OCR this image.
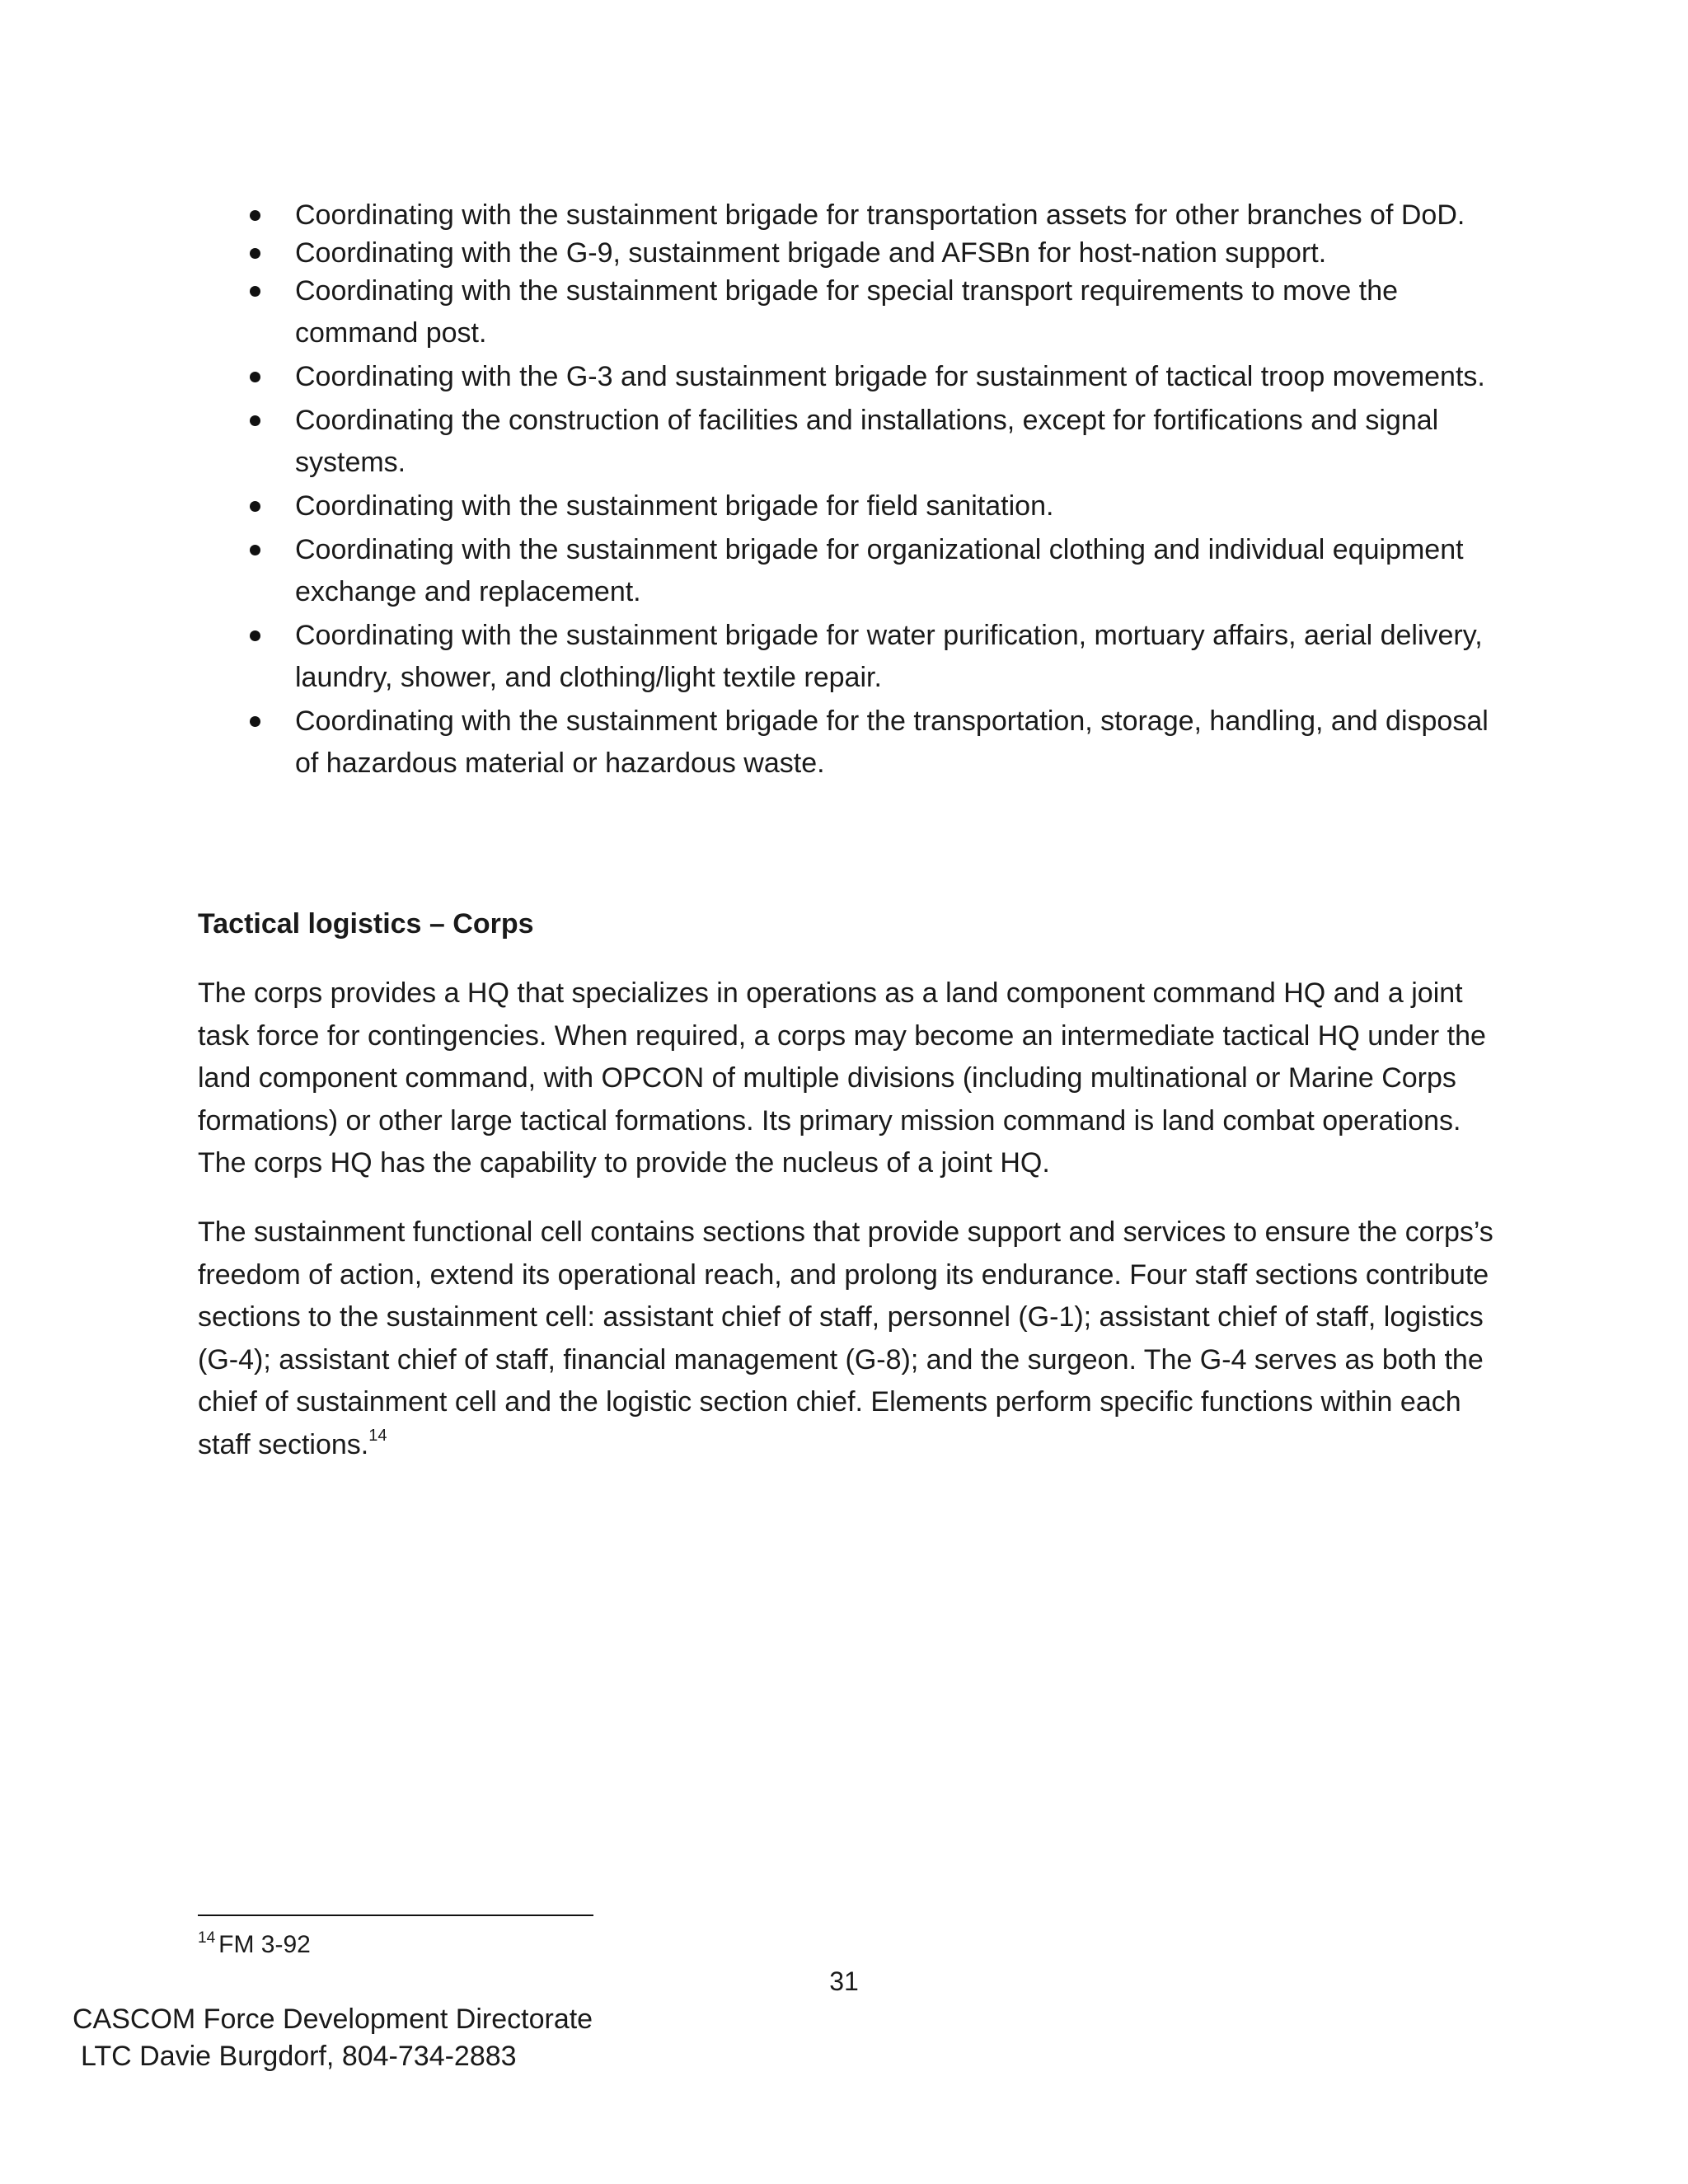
Coordinating with the sustainment brigade for transportation assets for other branches of DoD.
Coordinating with the G-9, sustainment brigade and AFSBn for host-nation support.
Coordinating with the sustainment brigade for special transport requirements to move the command post.
Coordinating with the G-3 and sustainment brigade for sustainment of tactical troop movements.
Coordinating the construction of facilities and installations, except for fortifications and signal systems.
Coordinating with the sustainment brigade for field sanitation.
Coordinating with the sustainment brigade for organizational clothing and individual equipment exchange and replacement.
Coordinating with the sustainment brigade for water purification, mortuary affairs, aerial delivery, laundry, shower, and clothing/light textile repair.
Coordinating with the sustainment brigade for the transportation, storage, handling, and disposal of hazardous material or hazardous waste.
Tactical logistics – Corps

The corps provides a HQ that specializes in operations as a land component command HQ and a joint task force for contingencies. When required, a corps may become an intermediate tactical HQ under the land component command, with OPCON of multiple divisions (including multinational or Marine Corps formations) or other large tactical formations. Its primary mission command is land combat operations. The corps HQ has the capability to provide the nucleus of a joint HQ.

The sustainment functional cell contains sections that provide support and services to ensure the corps’s freedom of action, extend its operational reach, and prolong its endurance. Four staff sections contribute sections to the sustainment cell: assistant chief of staff, personnel (G-1); assistant chief of staff, logistics (G-4); assistant chief of staff, financial management (G-8); and the surgeon. The G-4 serves as both the chief of sustainment cell and the logistic section chief. Elements perform specific functions within each staff sections.$^{14}$

$^{14}$ FM 3-92

31
CASCOM Force Development Directorate
LTC Davie Burgdorf, 804-734-2883
